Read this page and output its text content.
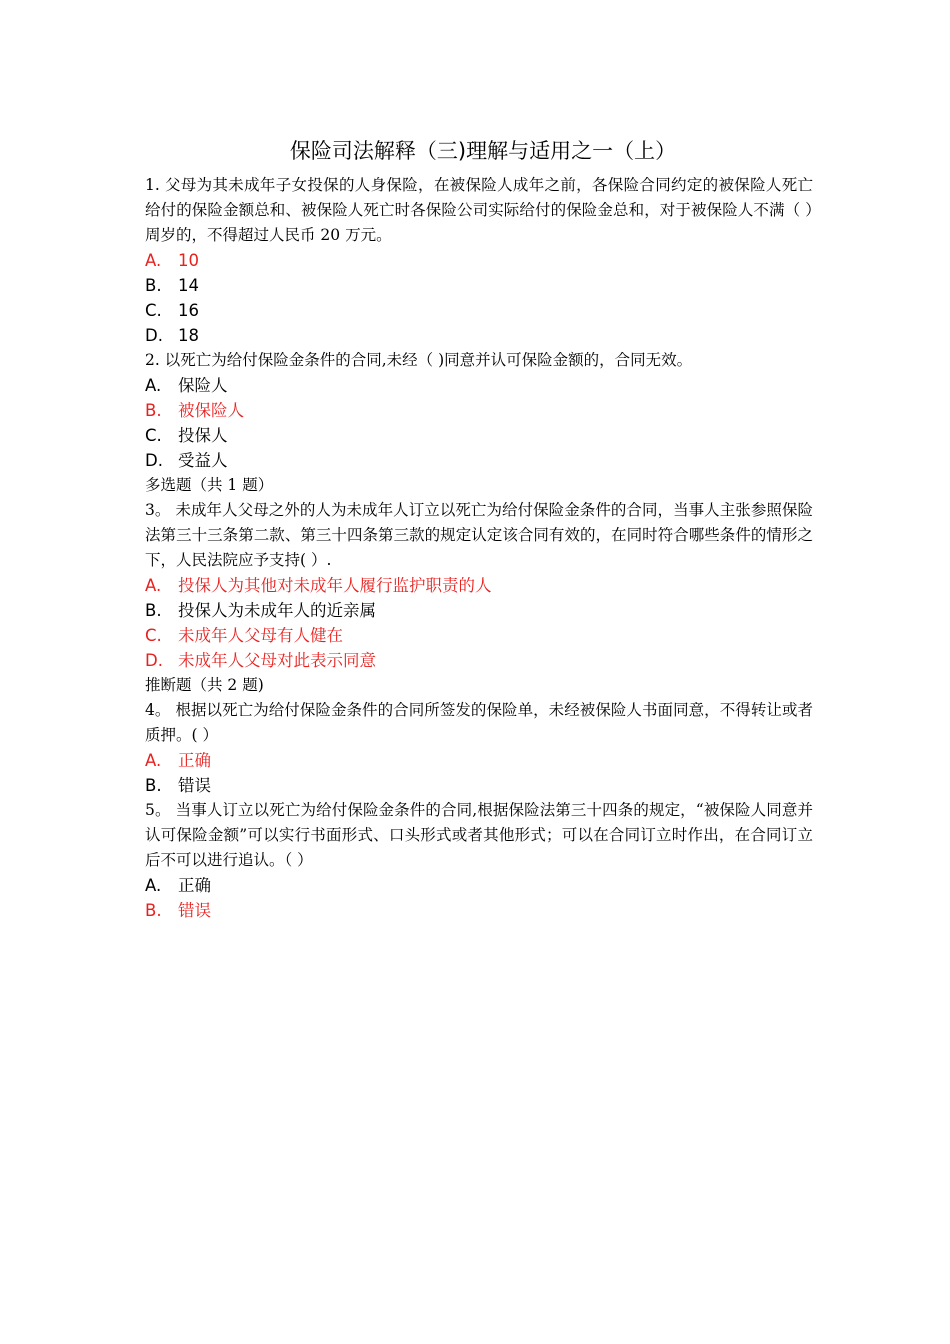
保险司法解释（三)理解与适用之一（上）

1. 父母为其未成年子女投保的人身保险，在被保险人成年之前，各保险合同约定的被保险人死亡给付的保险金额总和、被保险人死亡时各保险公司实际给付的保险金总和，对于被保险人不满（ ）周岁的，不得超过人民币 20 万元。

A.	10
B. 14
C. 16
D. 18

2. 以死亡为给付保险金条件的合同,未经（ )同意并认可保险金额的，合同无效。

A.	保险人
B. 被保险人
C. 投保人
D. 受益人

多选题（共 1 题）

3。 未成年人父母之外的人为未成年人订立以死亡为给付保险金条件的合同，当事人主张参照保险法第三十三条第二款、第三十四条第三款的规定认定该合同有效的，在同时符合哪些条件的情形之下，人民法院应予支持( ）.

A.	投保人为其他对未成年人履行监护职责的人
B. 投保人为未成年人的近亲属
C. 未成年人父母有人健在
D. 未成年人父母对此表示同意

推断题（共 2 题)

4。 根据以死亡为给付保险金条件的合同所签发的保险单，未经被保险人书面同意，不得转让或者质押。( ）

A.	正确
B. 错误

5。 当事人订立以死亡为给付保险金条件的合同,根据保险法第三十四条的规定，“被保险人同意并认可保险金额”可以实行书面形式、口头形式或者其他形式；可以在合同订立时作出，在合同订立后不可以进行追认。（ ）

A.	正确
B. 错误
